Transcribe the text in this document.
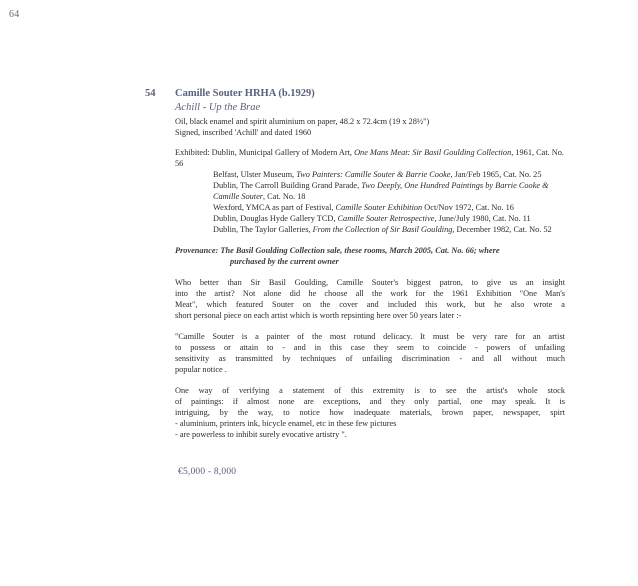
64
54 Camille Souter HRHA (b.1929)
Achill - Up the Brae
Oil, black enamel and spirit aluminium on paper, 48.2 x 72.4cm (19 x 28½")
Signed, inscribed 'Achill' and dated 1960
Exhibited: Dublin, Municipal Gallery of Modern Art, One Mans Meat: Sir Basil Goulding Collection, 1961, Cat. No. 56
Belfast, Ulster Museum, Two Painters: Camille Souter & Barrie Cooke, Jan/Feb 1965, Cat. No. 25
Dublin, The Carroll Building Grand Parade, Two Deeply, One Hundred Paintings by Barrie Cooke & Camille Souter, Cat. No. 18
Wexford, YMCA as part of Festival, Camille Souter Exhibition Oct/Nov 1972, Cat. No. 16
Dublin, Douglas Hyde Gallery TCD, Camille Souter Retrospective, June/July 1980, Cat. No. 11
Dublin, The Taylor Galleries, From the Collection of Sir Basil Goulding, December 1982, Cat. No. 52
Provenance: The Basil Goulding Collection sale, these rooms, March 2005, Cat. No. 66; where
purchased by the current owner
Who better than Sir Basil Goulding, Camille Souter's biggest patron, to give us an insight
into the artist? Not alone did he choose all the work for the 1961 Exhibition "One Man's
Meat", which featured Souter on the cover and included this work, but he also wrote a
short personal piece on each artist which is worth repsinting here over 50 years later :-
"Camille Souter is a painter of the most rotund delicacy. It must be very rare for an artist
to possess or attain to - and in this case they seem to coincide - powers of unfailing
sensitivity as transmitted by techniques of unfailing discrimination - and all without much
popular notice .
One way of verifying a statement of this extremity is to see the artist's whole stock
of paintings: if almost none are exceptions, and they only partial, one may speak. It is
intriguing, by the way, to notice how inadequate materials, brown paper, newspaper, spirt
- aluminium, printers ink, bicycle enamel, etc in these few pictures
- are powerless to inhibit surely evocative artistry ".
€5,000 - 8,000
